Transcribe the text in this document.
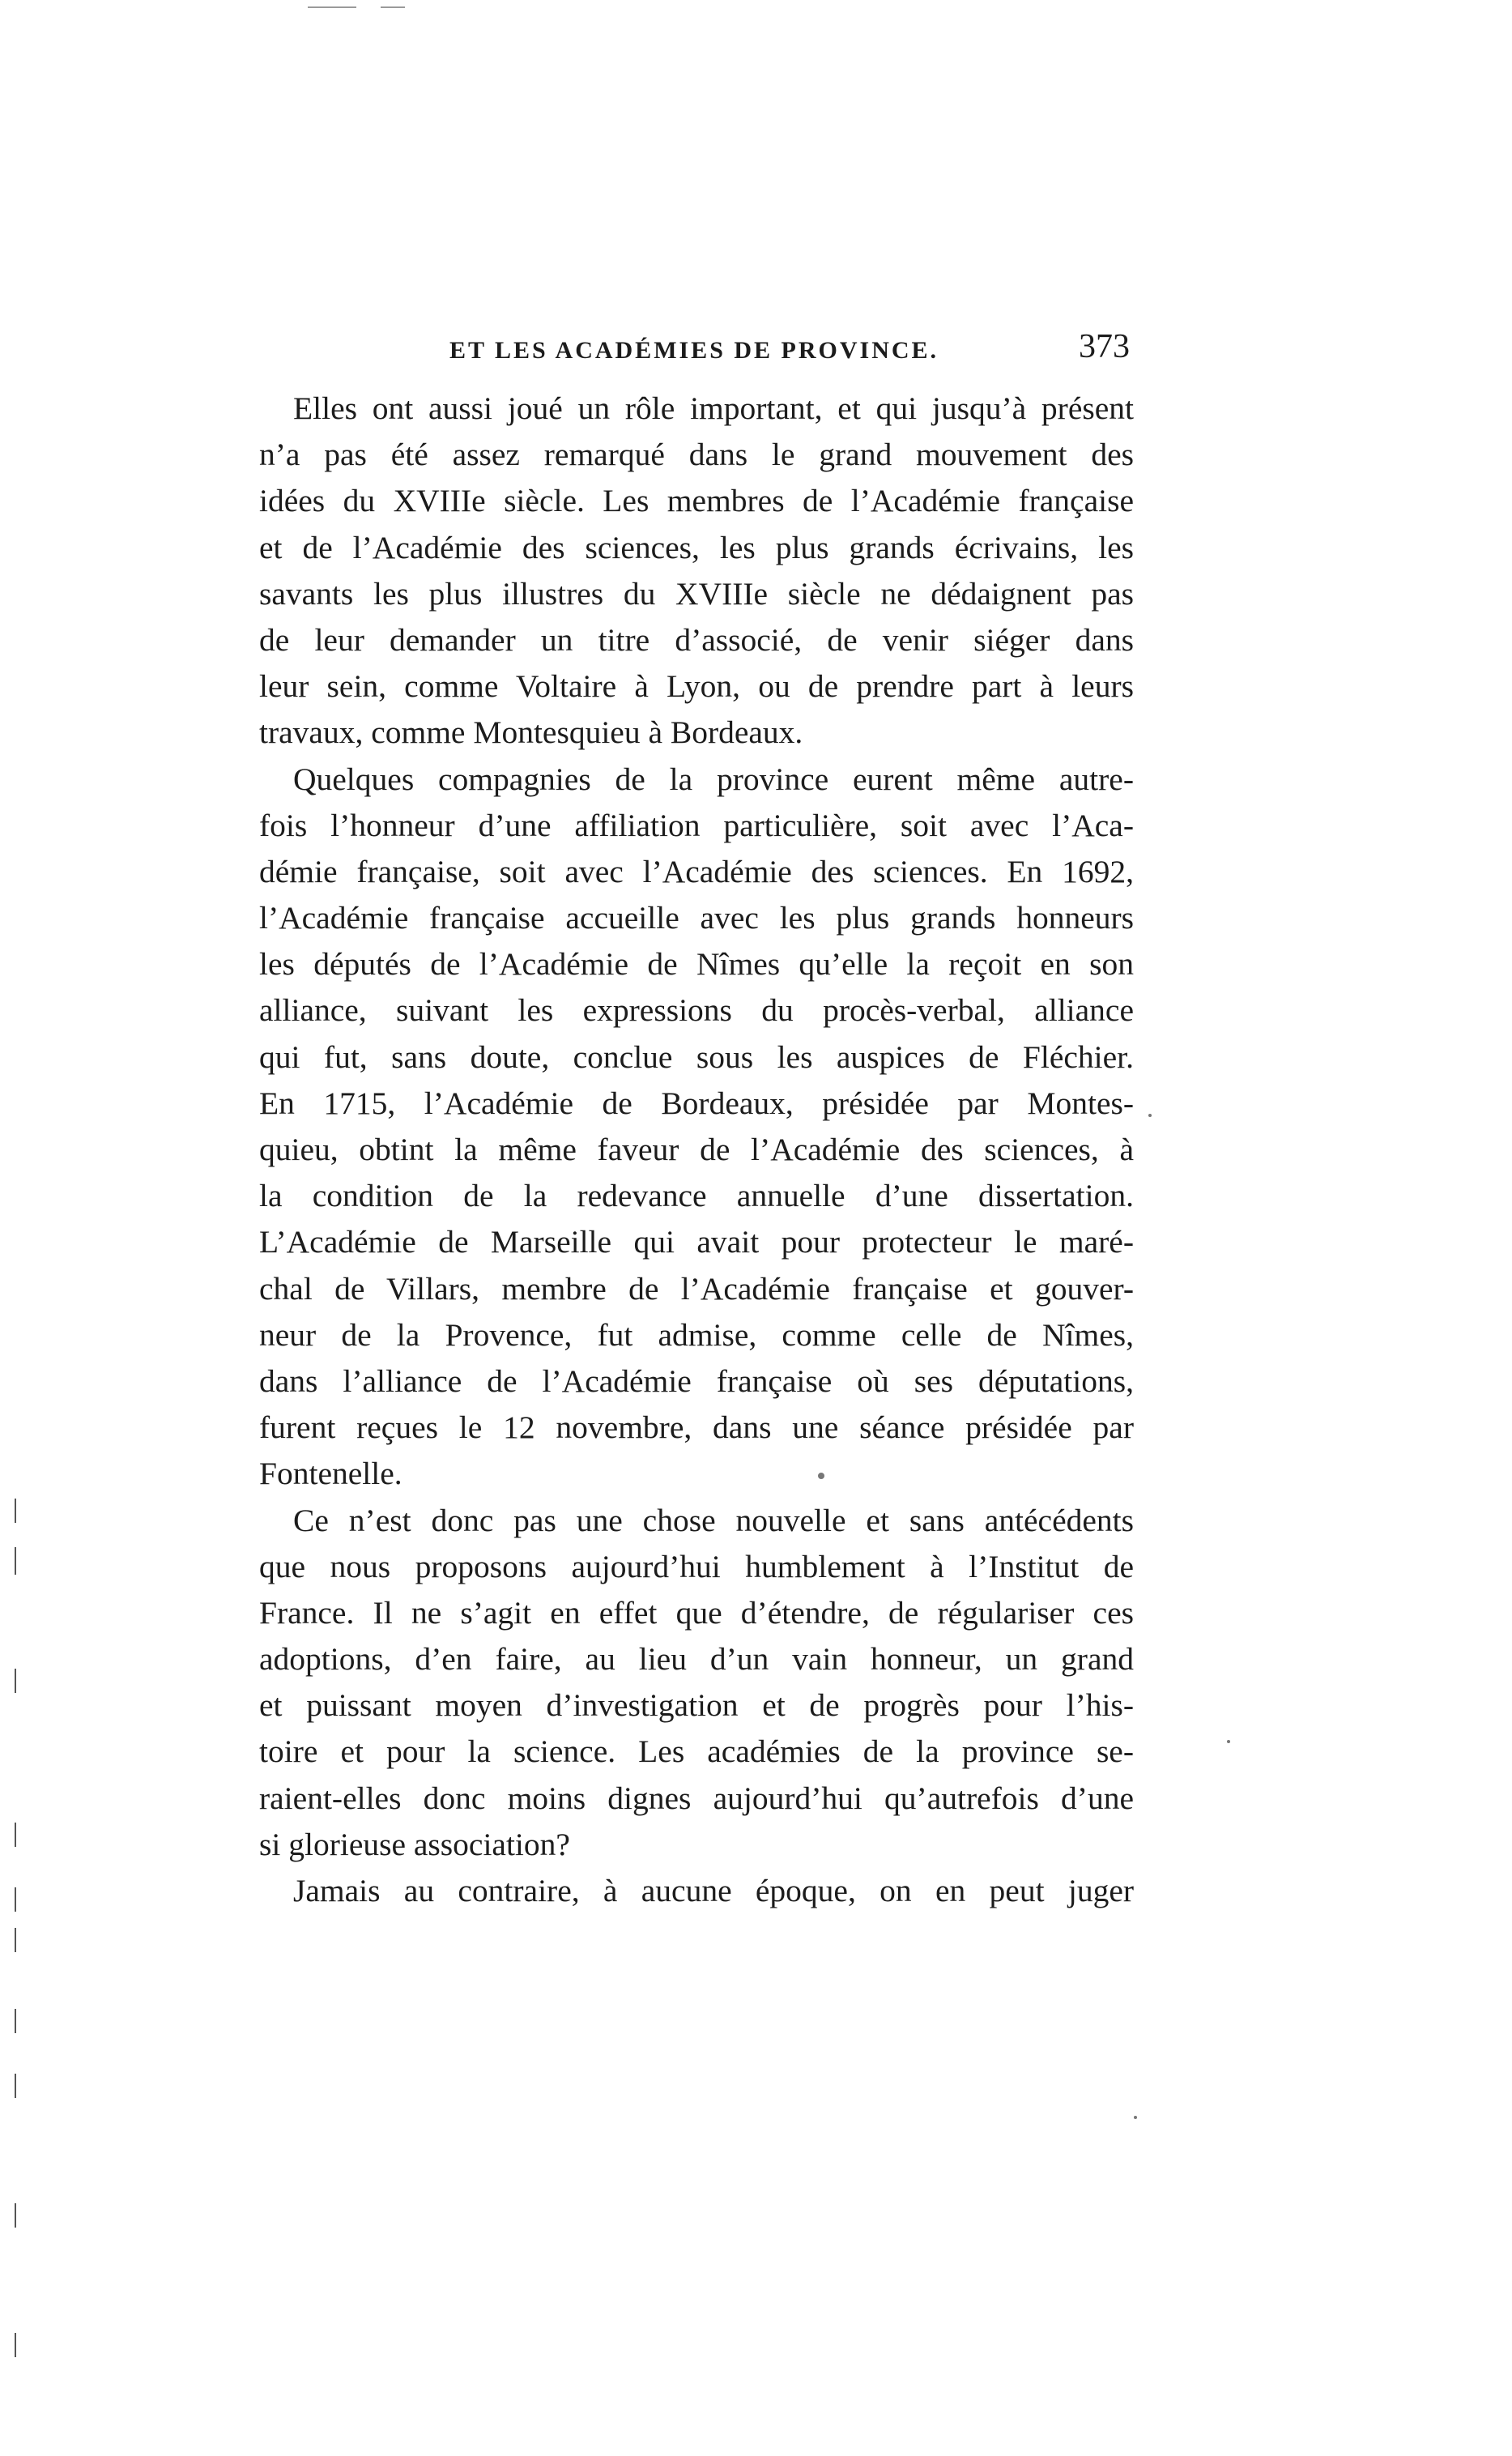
ET LES ACADÉMIES DE PROVINCE.	373
Elles ont aussi joué un rôle important, et qui jusqu’à présent
n’a pas été assez remarqué dans le grand mouvement des
idées du XVIIIe siècle. Les membres de l’Académie française
et de l’Académie des sciences, les plus grands écrivains, les
savants les plus illustres du XVIIIe siècle ne dédaignent pas
de leur demander un titre d’associé, de venir siéger dans
leur sein, comme Voltaire à Lyon, ou de prendre part à leurs
travaux, comme Montesquieu à Bordeaux.
Quelques compagnies de la province eurent même autre-
fois l’honneur d’une affiliation particulière, soit avec l’Aca-
démie française, soit avec l’Académie des sciences. En 1692,
l’Académie française accueille avec les plus grands honneurs
les députés de l’Académie de Nîmes qu’elle la reçoit en son
alliance, suivant les expressions du procès-verbal, alliance
qui fut, sans doute, conclue sous les auspices de Fléchier.
En 1715, l’Académie de Bordeaux, présidée par Montes-
quieu, obtint la même faveur de l’Académie des sciences, à
la condition de la redevance annuelle d’une dissertation.
L’Académie de Marseille qui avait pour protecteur le maré-
chal de Villars, membre de l’Académie française et gouver-
neur de la Provence, fut admise, comme celle de Nîmes,
dans l’alliance de l’Académie française où ses députations,
furent reçues le 12 novembre, dans une séance présidée par
Fontenelle.
Ce n’est donc pas une chose nouvelle et sans antécédents
que nous proposons aujourd’hui humblement à l’Institut de
France. Il ne s’agit en effet que d’étendre, de régulariser ces
adoptions, d’en faire, au lieu d’un vain honneur, un grand
et puissant moyen d’investigation et de progrès pour l’his-
toire et pour la science. Les académies de la province se-
raient-elles donc moins dignes aujourd’hui qu’autrefois d’une
si glorieuse association?
Jamais au contraire, à aucune époque, on en peut juger
